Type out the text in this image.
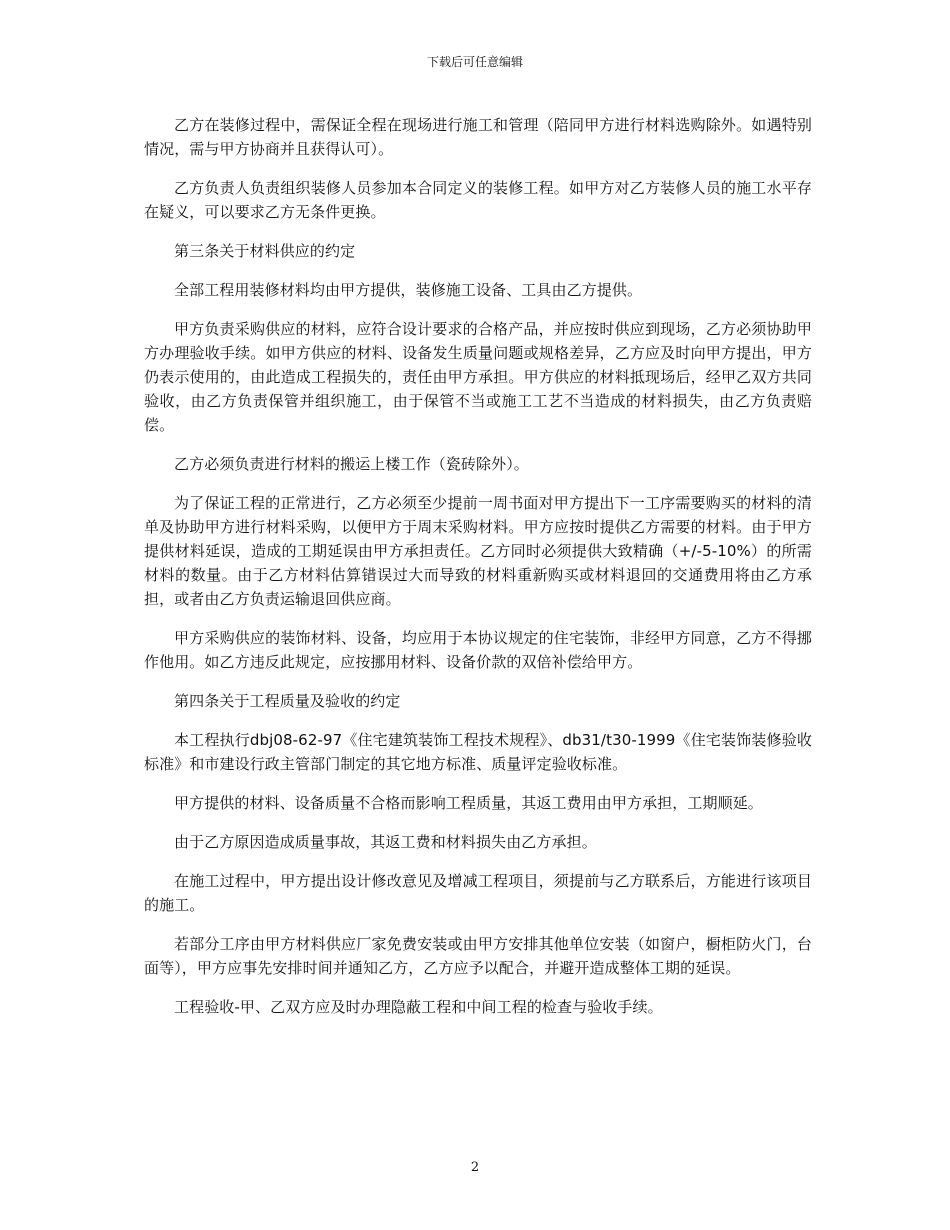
下载后可任意编辑

乙方在装修过程中，需保证全程在现场进行施工和管理（陪同甲方进行材料选购除外。如遇特别情况，需与甲方协商并且获得认可）。

乙方负责人负责组织装修人员参加本合同定义的装修工程。如甲方对乙方装修人员的施工水平存在疑义，可以要求乙方无条件更换。

第三条关于材料供应的约定

全部工程用装修材料均由甲方提供，装修施工设备、工具由乙方提供。

甲方负责采购供应的材料，应符合设计要求的合格产品，并应按时供应到现场，乙方必须协助甲方办理验收手续。如甲方供应的材料、设备发生质量问题或规格差异，乙方应及时向甲方提出，甲方仍表示使用的，由此造成工程损失的，责任由甲方承担。甲方供应的材料抵现场后，经甲乙双方共同验收，由乙方负责保管并组织施工，由于保管不当或施工工艺不当造成的材料损失，由乙方负责赔偿。

乙方必须负责进行材料的搬运上楼工作（瓷砖除外）。

为了保证工程的正常进行，乙方必须至少提前一周书面对甲方提出下一工序需要购买的材料的清单及协助甲方进行材料采购，以便甲方于周末采购材料。甲方应按时提供乙方需要的材料。由于甲方提供材料延误，造成的工期延误由甲方承担责任。乙方同时必须提供大致精确（+/-5-10%）的所需材料的数量。由于乙方材料估算错误过大而导致的材料重新购买或材料退回的交通费用将由乙方承担，或者由乙方负责运输退回供应商。

甲方采购供应的装饰材料、设备，均应用于本协议规定的住宅装饰，非经甲方同意，乙方不得挪作他用。如乙方违反此规定，应按挪用材料、设备价款的双倍补偿给甲方。

第四条关于工程质量及验收的约定

本工程执行dbj08-62-97《住宅建筑装饰工程技术规程》、db31/t30-1999《住宅装饰装修验收标准》和市建设行政主管部门制定的其它地方标准、质量评定验收标准。

甲方提供的材料、设备质量不合格而影响工程质量，其返工费用由甲方承担，工期顺延。

由于乙方原因造成质量事故，其返工费和材料损失由乙方承担。

在施工过程中，甲方提出设计修改意见及增减工程项目，须提前与乙方联系后，方能进行该项目的施工。

若部分工序由甲方材料供应厂家免费安装或由甲方安排其他单位安装（如窗户，橱柜防火门，台面等），甲方应事先安排时间并通知乙方，乙方应予以配合，并避开造成整体工期的延误。

工程验收-甲、乙双方应及时办理隐蔽工程和中间工程的检查与验收手续。

2
